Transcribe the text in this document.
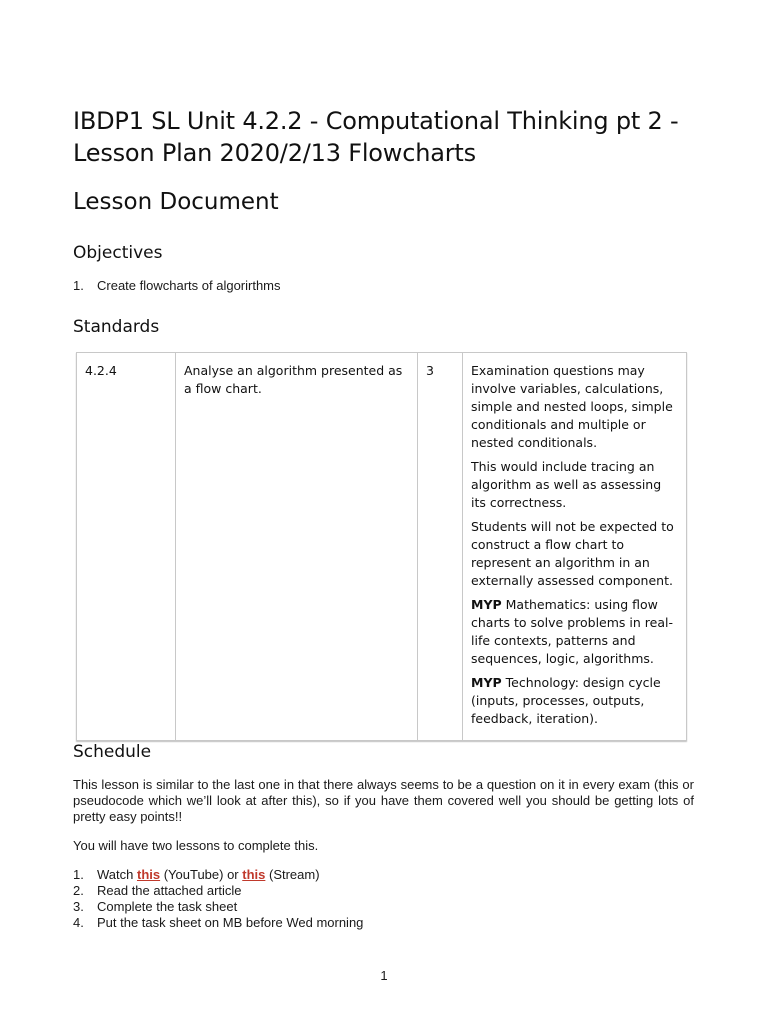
IBDP1 SL Unit 4.2.2 - Computational Thinking pt 2 -
Lesson Plan 2020/2/13 Flowcharts
Lesson Document
Objectives
1. Create flowcharts of algorirthms
Standards
4.2.4	Analyse an algorithm presented as a flow chart.	3	Examination questions may involve variables, calculations, simple and nested loops, simple conditionals and multiple or nested conditionals.

This would include tracing an algorithm as well as assessing its correctness.

Students will not be expected to construct a flow chart to represent an algorithm in an externally assessed component.

MYP Mathematics: using flow charts to solve problems in real-life contexts, patterns and sequences, logic, algorithms.

MYP Technology: design cycle (inputs, processes, outputs, feedback, iteration).

Schedule

This lesson is similar to the last one in that there always seems to be a question on it in every exam (this or pseudocode which we’ll look at after this), so if you have them covered well you should be getting lots of pretty easy points!!

You will have two lessons to complete this.

1. Watch this (YouTube) or this (Stream)
2. Read the attached article
3. Complete the task sheet
4. Put the task sheet on MB before Wed morning
1
